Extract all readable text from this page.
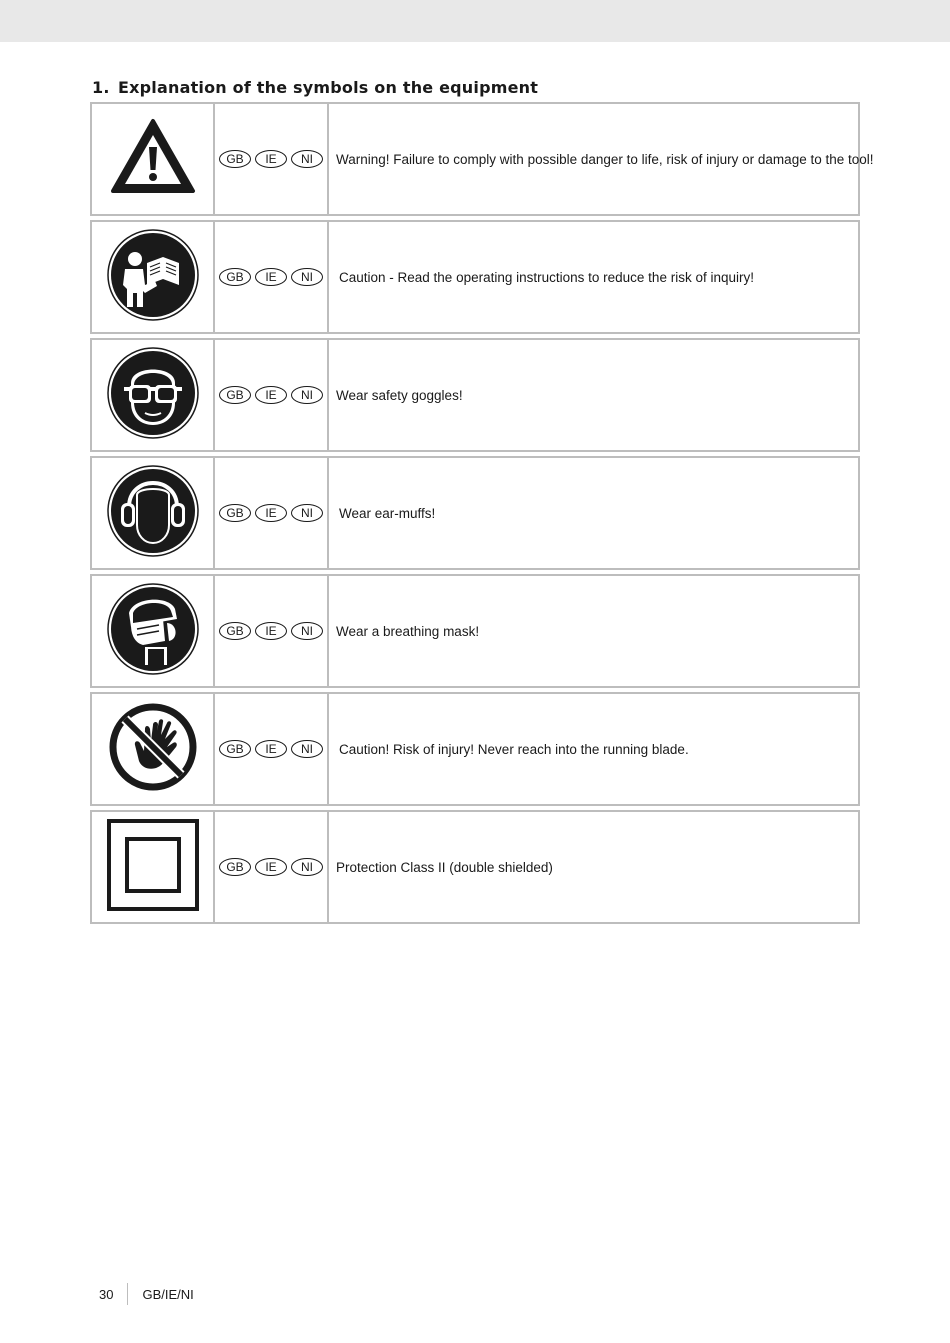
1. Explanation of the symbols on the equipment
GB	IE	NI	Warning! Failure to comply with possible danger to life, risk of injury or damage to the tool!
GB	IE	NI	Caution - Read the operating instructions to reduce the risk of inquiry!
GB	IE	NI	Wear safety goggles!
GB	IE	NI	Wear ear-muffs!
GB	IE	NI	Wear a breathing mask!
GB	IE	NI	Caution! Risk of injury! Never reach into the running blade.
GB	IE	NI	Protection Class II (double shielded)
30 GB/IE/NI
